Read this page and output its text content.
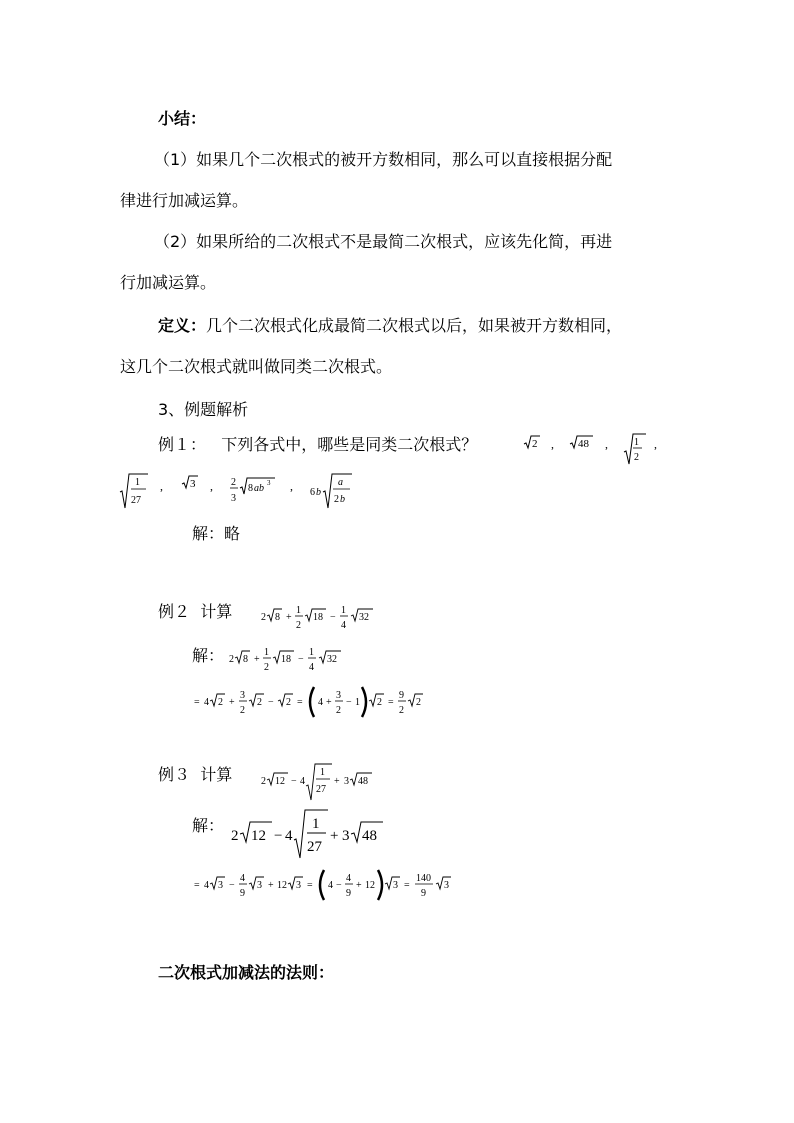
小结：
（1）如果几个二次根式的被开方数相同，那么可以直接根据分配
律进行加减运算。
（2）如果所给的二次根式不是最简二次根式，应该先化简，再进
行加减运算。
定义：几个二次根式化成最简二次根式以后，如果被开方数相同，
这几个二次根式就叫做同类二次根式。
3、例题解析
例１： 下列各式中，哪些是同类二次根式？	2 , 48 ,	1
2
,
1
27
, 3 , 2
3
8 ab 3 , 6 b
a
2 b
解：略
例２ 计算	2 8 +
1
2
18 −
1
4
32
解： 2 8 +
1
2
18 −
1
4
32
= 4 2 +
3
2
2 − 2 = 4 +
3
2
− 1 2 =
9
2
2
例３ 计算	2 12 − 4
1
27
+ 3 48
解：
2 12 − 4
1
27
+ 3 48
= 4 3 −
4
9
3 + 12 3 = 4 −
4
9
+ 12 3 =
140
9
3
二次根式加减法的法则：
